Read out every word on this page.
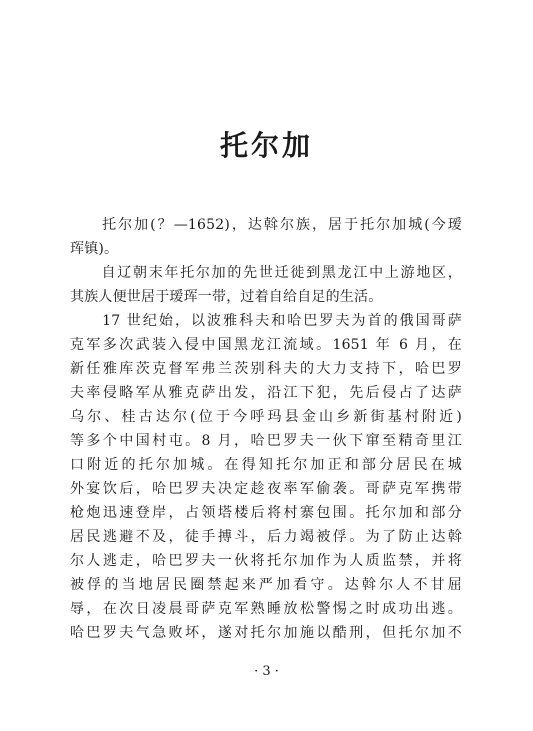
托尔加
　　托尔加(？—1652)，达斡尔族，居于托尔加城(今瑷
珲镇)。
　　自辽朝末年托尔加的先世迁徙到黑龙江中上游地区，
其族人便世居于瑷珲一带，过着自给自足的生活。
　　17 世纪始，以波雅科夫和哈巴罗夫为首的俄国哥萨
克军多次武装入侵中国黑龙江流域。1651 年 6 月，在
新任雅库茨克督军弗兰茨别科夫的大力支持下，哈巴罗
夫率侵略军从雅克萨出发，沿江下犯，先后侵占了达萨
乌尔、桂古达尔(位于今呼玛县金山乡新街基村附近)
等多个中国村屯。8 月，哈巴罗夫一伙下窜至精奇里江
口附近的托尔加城。在得知托尔加正和部分居民在城
外宴饮后，哈巴罗夫决定趁夜率军偷袭。哥萨克军携带
枪炮迅速登岸，占领塔楼后将村寨包围。托尔加和部分
居民逃避不及，徒手搏斗，后力竭被俘。为了防止达斡
尔人逃走，哈巴罗夫一伙将托尔加作为人质监禁，并将
被俘的当地居民圈禁起来严加看守。达斡尔人不甘屈
辱，在次日凌晨哥萨克军熟睡放松警惕之时成功出逃。
哈巴罗夫气急败坏，遂对托尔加施以酷刑，但托尔加不
· 3 ·
